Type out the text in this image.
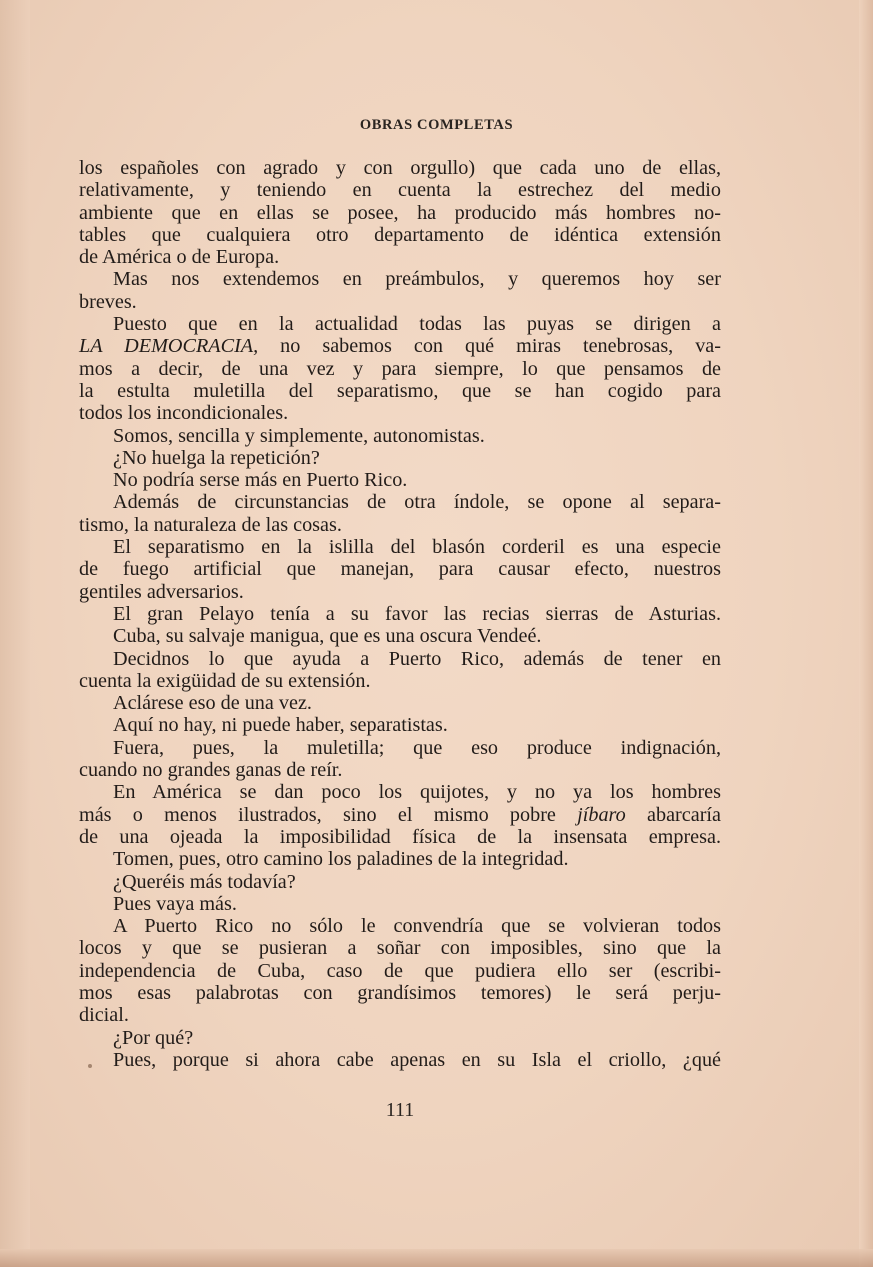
OBRAS COMPLETAS
los españoles con agrado y con orgullo) que cada uno de ellas,
relativamente, y teniendo en cuenta la estrechez del medio
ambiente que en ellas se posee, ha producido más hombres no-
tables que cualquiera otro departamento de idéntica extensión
de América o de Europa.
Mas nos extendemos en preámbulos, y queremos hoy ser
breves.
Puesto que en la actualidad todas las puyas se dirigen a
LA DEMOCRACIA, no sabemos con qué miras tenebrosas, va-
mos a decir, de una vez y para siempre, lo que pensamos de
la estulta muletilla del separatismo, que se han cogido para
todos los incondicionales.
Somos, sencilla y simplemente, autonomistas.
¿No huelga la repetición?
No podría serse más en Puerto Rico.
Además de circunstancias de otra índole, se opone al separa-
tismo, la naturaleza de las cosas.
El separatismo en la islilla del blasón corderil es una especie
de fuego artificial que manejan, para causar efecto, nuestros
gentiles adversarios.
El gran Pelayo tenía a su favor las recias sierras de Asturias.
Cuba, su salvaje manigua, que es una oscura Vendeé.
Decidnos lo que ayuda a Puerto Rico, además de tener en
cuenta la exigüidad de su extensión.
Aclárese eso de una vez.
Aquí no hay, ni puede haber, separatistas.
Fuera, pues, la muletilla; que eso produce indignación,
cuando no grandes ganas de reír.
En América se dan poco los quijotes, y no ya los hombres
más o menos ilustrados, sino el mismo pobre jíbaro abarcaría
de una ojeada la imposibilidad física de la insensata empresa.
Tomen, pues, otro camino los paladines de la integridad.
¿Queréis más todavía?
Pues vaya más.
A Puerto Rico no sólo le convendría que se volvieran todos
locos y que se pusieran a soñar con imposibles, sino que la
independencia de Cuba, caso de que pudiera ello ser (escribi-
mos esas palabrotas con grandísimos temores) le será perju-
dicial.
¿Por qué?
Pues, porque si ahora cabe apenas en su Isla el criollo, ¿qué
111
